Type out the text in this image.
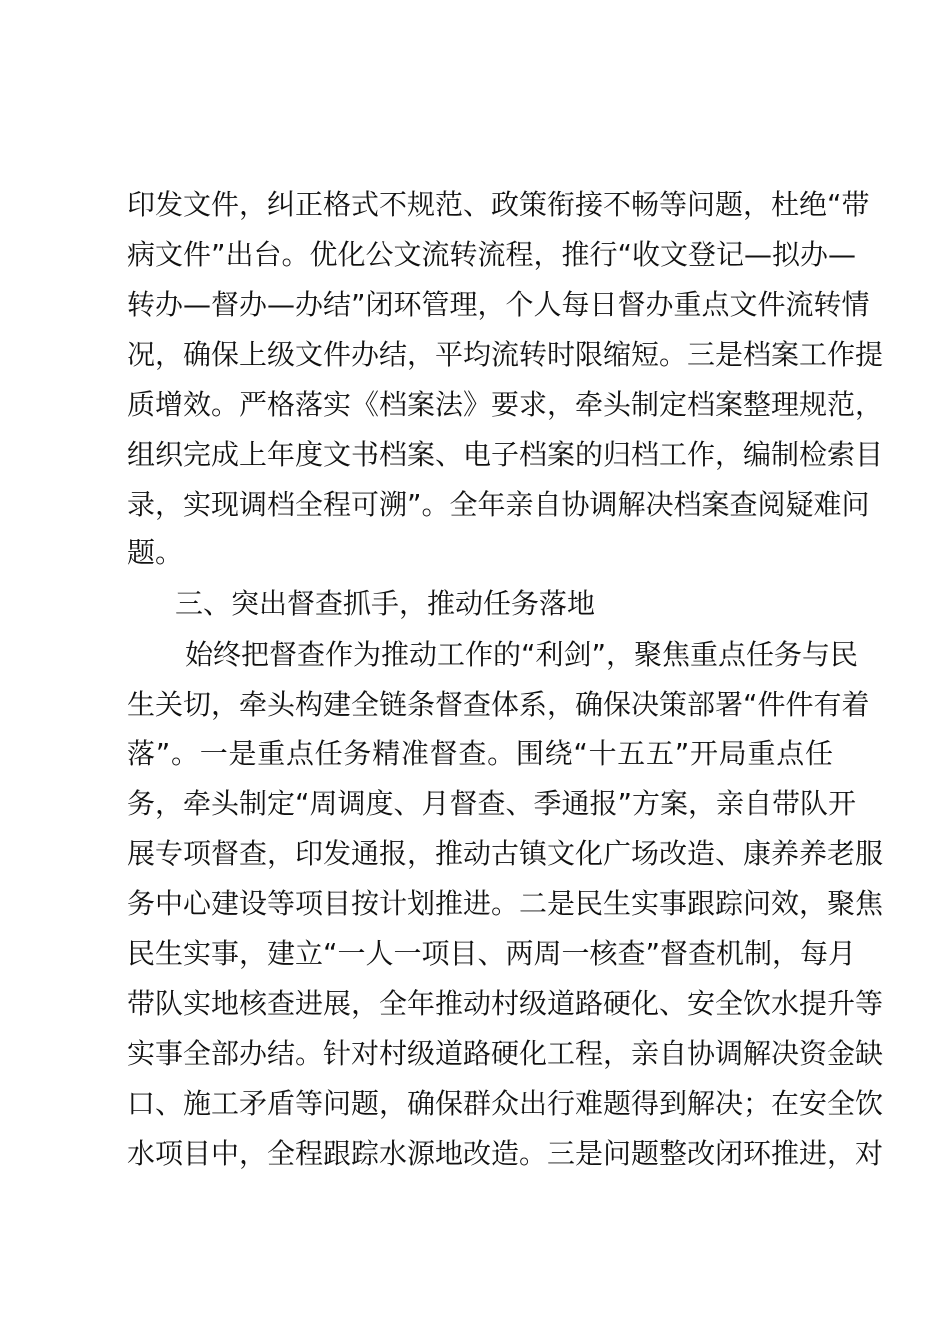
印发文件，纠正格式不规范、政策衔接不畅等问题，杜绝“带
病文件”出台。优化公文流转流程，推行“收文登记—拟办—
转办—督办—办结”闭环管理，个人每日督办重点文件流转情
况，确保上级文件办结，平均流转时限缩短。三是档案工作提
质增效。严格落实《档案法》要求，牵头制定档案整理规范，
组织完成上年度文书档案、电子档案的归档工作，编制检索目
录，实现调档全程可溯”。全年亲自协调解决档案查阅疑难问
题。
三、突出督查抓手，推动任务落地
始终把督查作为推动工作的“利剑”，聚焦重点任务与民
生关切，牵头构建全链条督查体系，确保决策部署“件件有着
落”。一是重点任务精准督查。围绕“十五五”开局重点任
务，牵头制定“周调度、月督查、季通报”方案，亲自带队开
展专项督查，印发通报，推动古镇文化广场改造、康养养老服
务中心建设等项目按计划推进。二是民生实事跟踪问效，聚焦
民生实事，建立“一人一项目、两周一核查”督查机制，每月
带队实地核查进展，全年推动村级道路硬化、安全饮水提升等
实事全部办结。针对村级道路硬化工程，亲自协调解决资金缺
口、施工矛盾等问题，确保群众出行难题得到解决；在安全饮
水项目中，全程跟踪水源地改造。三是问题整改闭环推进，对
